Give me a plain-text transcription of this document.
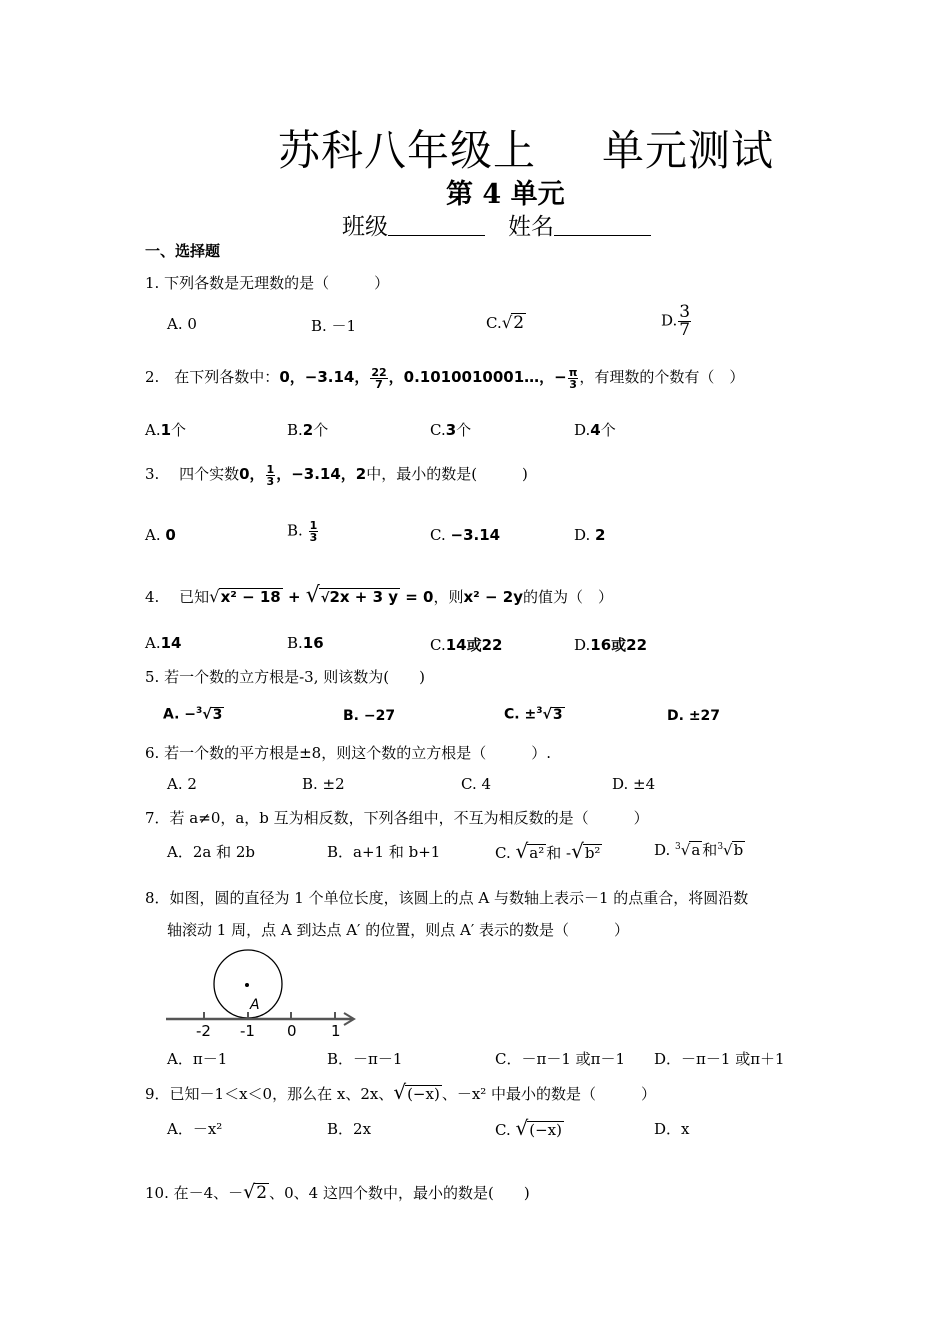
苏科八年级上 单元测试
第 4 单元
班级　	姓名
一、选择题
1. 下列各数是无理数的是（　　　）
A. 0	B. －1	C.√2	D. $\frac{3}{7}$
2.　在下列各数中：0，−3.14， $\frac{22}{7}$ ，0.1010010001…，− $\frac{\pi}{3}$ ，有理数的个数有（　）
A.1个	B.2个	C.3个	D.4个
3.　 四个实数0， $\frac{1}{3}$ ，−3.14，2中，最小的数是(　　　)
A. 0	B. $\frac{1}{3}$	C. −3.14	D. 2
4.　 已知√x² − 18 + √√2x + 3 y = 0，则x² − 2y的值为（　）
A.14	B.16	C.14或22	D.16或22
5. 若一个数的立方根是-3, 则该数为(　　)
A. −$^3$√3	B. −27	C. ±$^3$√3	D. ±27
6. 若一个数的平方根是±8，则这个数的立方根是（　　　）.
A. 2	B. ±2	C. 4	D. ±4
7．若 a≠0，a，b 互为相反数，下列各组中，不互为相反数的是（　　　）
A．2a 和 2b	B．a+1 和 b+1	C. √a² 和 -√b²	D. $^3$√a 和$^3$√b
8．如图，圆的直径为 1 个单位长度，该圆上的点 A 与数轴上表示－1 的点重合，将圆沿数
轴滚动 1 周，点 A 到达点 A′ 的位置，则点 A′ 表示的数是（　　　）
A
-2 -1 0 1
A．π－1	B．－π－1	C．－π－1 或π－1 D．－π－1 或π＋1
9．已知－1＜x＜0，那么在 x、2x、√(−x) 、－x² 中最小的数是（　　　）
A．－x²	B．2x	C. √(−x)	D．x
10. 在－4、－√2 、0、4 这四个数中，最小的数是(　　)
